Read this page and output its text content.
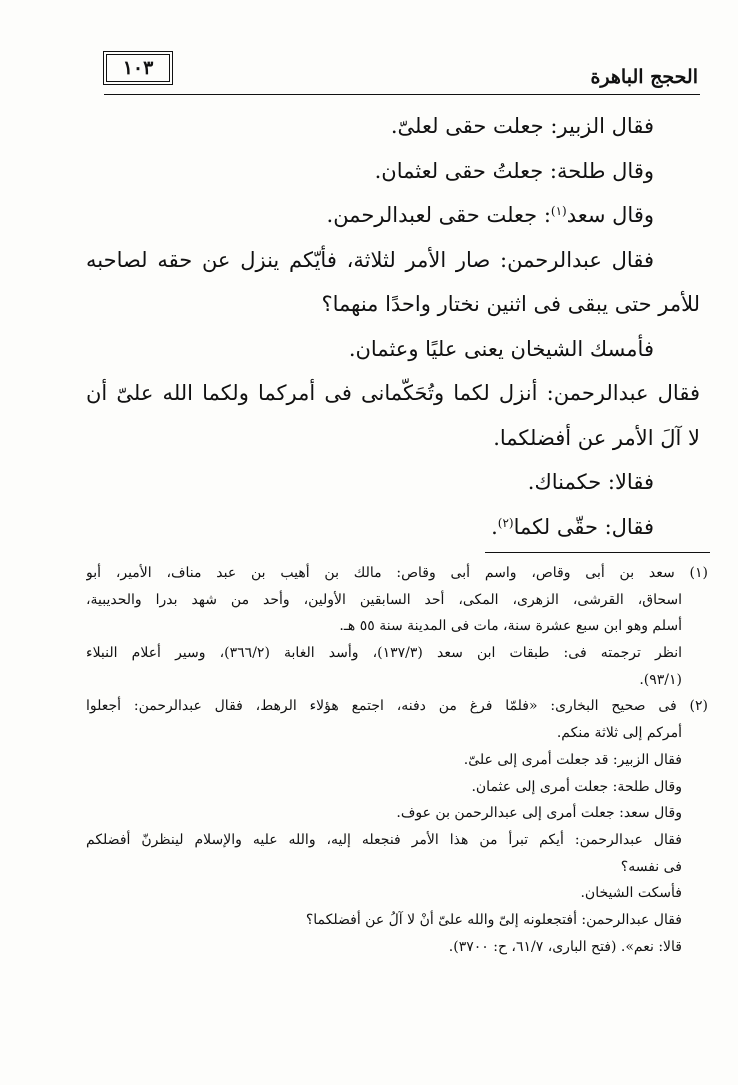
١٠٣	الحجج الباهرة
فقال الزبير: جعلت حقى لعلىّ.
وقال طلحة: جعلتُ حقى لعثمان.
وقال سعد$^{(١)}$: جعلت حقى لعبدالرحمن.
فقال عبدالرحمن: صار الأمر لثلاثة، فأيّكم ينزل عن حقه لصاحبه
للأمر حتى يبقى فى اثنين نختار واحدًا منهما؟
فأمسك الشيخان يعنى عليًا وعثمان.
فقال عبدالرحمن: أنزل لكما وتُحَكّمانى فى أمركما ولكما الله علىّ أن
لا آلَ الأمر عن أفضلكما.
فقالا: حكمناك.
فقال: حقّى لكما$^{(٢)}$.
(١) سعد بن أبى وقاص، واسم أبى وقاص: مالك بن أهيب بن عبد مناف، الأمير، أبو
اسحاق، القرشى، الزهرى، المكى، أحد السابقين الأولين، وأحد من شهد بدرا والحديبية،
أسلم وهو ابن سبع عشرة سنة، مات فى المدينة سنة ٥٥ هـ.
انظر ترجمته فى: طبقات ابن سعد (١٣٧/٣)، وأسد الغابة (٣٦٦/٢)، وسير أعلام النبلاء
(٩٣/١).
(٢) فى صحيح البخارى: «فلمّا فرغ من دفنه، اجتمع هؤلاء الرهط، فقال عبدالرحمن: أجعلوا
أمركم إلى ثلاثة منكم.
فقال الزبير: قد جعلت أمرى إلى علىّ.
وقال طلحة: جعلت أمرى إلى عثمان.
وقال سعد: جعلت أمرى إلى عبدالرحمن بن عوف.
فقال عبدالرحمن: أيكم تبرأ من هذا الأمر فنجعله إليه، والله عليه والإسلام لينظرنّ أفضلكم
فى نفسه؟
فأسكت الشيخان.
فقال عبدالرحمن: أفتجعلونه إلىّ والله علىّ أنْ لا آلُ عن أفضلكما؟
قالا: نعم». (فتح البارى، ٦١/٧، ح: ٣٧٠٠).
